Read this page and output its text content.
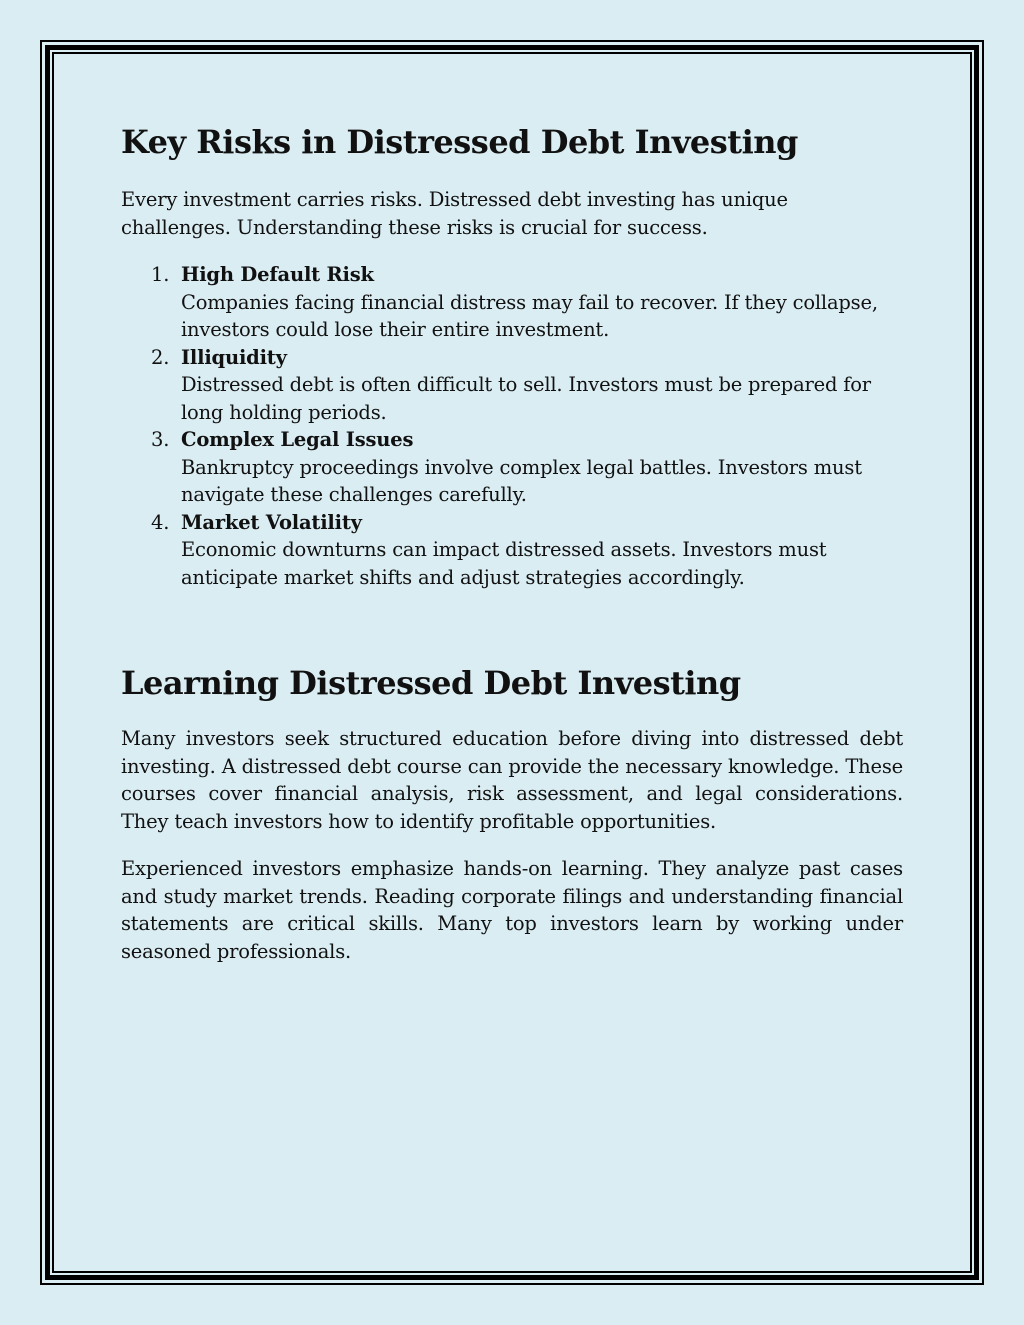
Key Risks in Distressed Debt Investing

Every investment carries risks. Distressed debt investing has unique challenges. Understanding these risks is crucial for success.

1. High Default Risk
Companies facing financial distress may fail to recover. If they collapse, investors could lose their entire investment.
2. Illiquidity
Distressed debt is often difficult to sell. Investors must be prepared for long holding periods.
3. Complex Legal Issues
Bankruptcy proceedings involve complex legal battles. Investors must navigate these challenges carefully.
4. Market Volatility
Economic downturns can impact distressed assets. Investors must anticipate market shifts and adjust strategies accordingly.
Learning Distressed Debt Investing

Many investors seek structured education before diving into distressed debt investing. A distressed debt course can provide the necessary knowledge. These courses cover financial analysis, risk assessment, and legal considerations. They teach investors how to identify profitable opportunities.

Experienced investors emphasize hands-on learning. They analyze past cases and study market trends. Reading corporate filings and understanding financial statements are critical skills. Many top investors learn by working under seasoned professionals.
